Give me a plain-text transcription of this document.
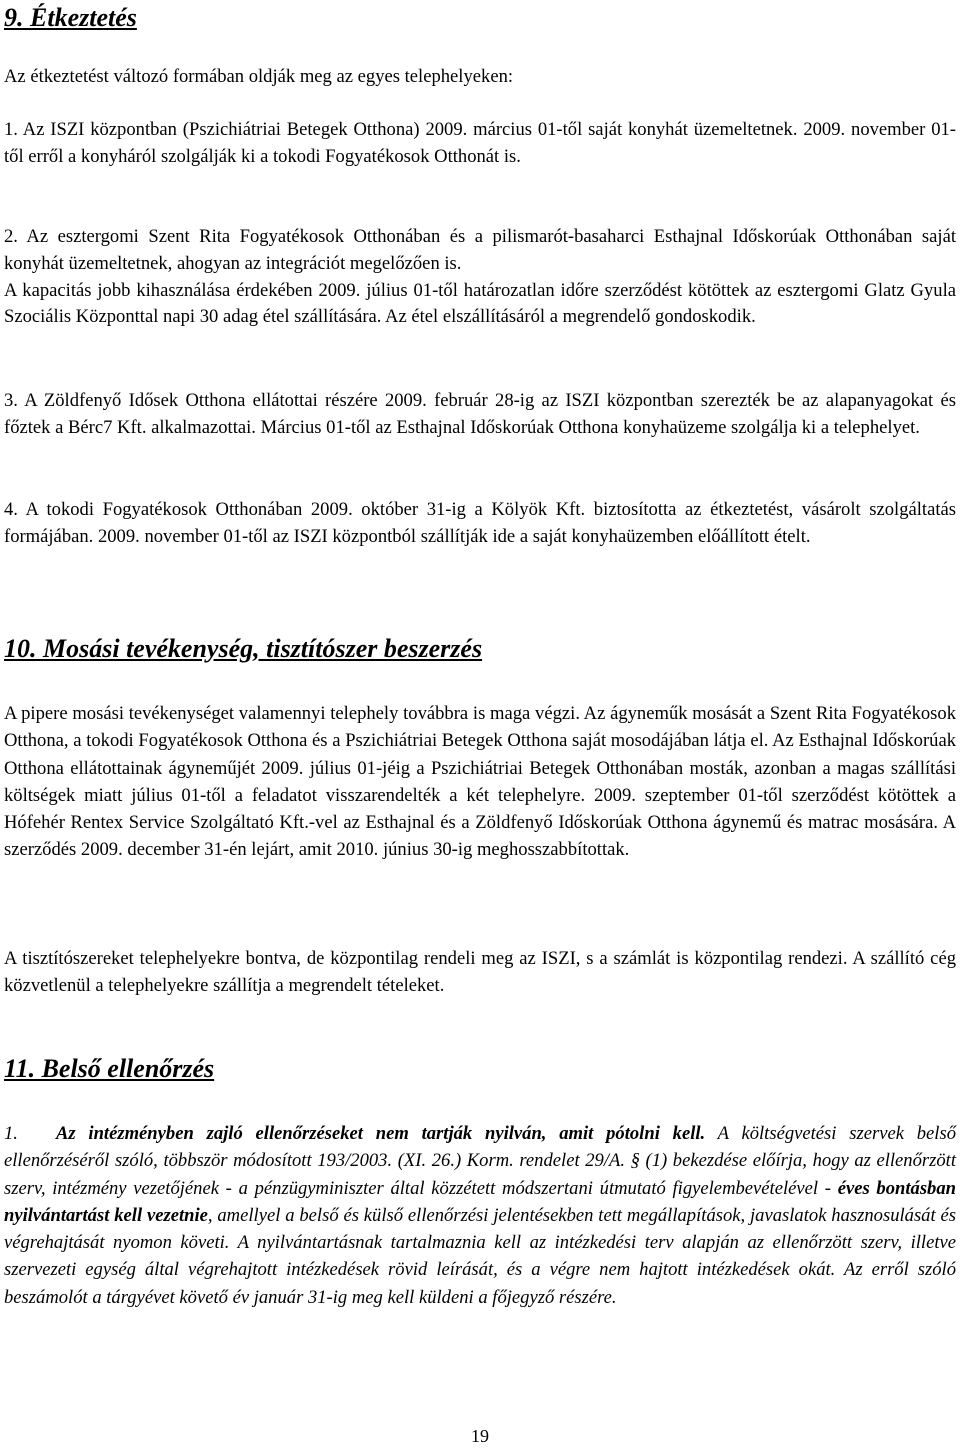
9. Étkeztetés

Az étkeztetést változó formában oldják meg az egyes telephelyeken:

1. Az ISZI központban (Pszichiátriai Betegek Otthona) 2009. március 01-től saját konyhát üzemeltetnek. 2009. november 01-től erről a konyháról szolgálják ki a tokodi Fogyatékosok Otthonát is.

2. Az esztergomi Szent Rita Fogyatékosok Otthonában és a pilismarót-basaharci Esthajnal Időskorúak Otthonában saját konyhát üzemeltetnek, ahogyan az integrációt megelőzően is.

A kapacitás jobb kihasználása érdekében 2009. július 01-től határozatlan időre szerződést kötöttek az esztergomi Glatz Gyula Szociális Központtal napi 30 adag étel szállítására. Az étel elszállításáról a megrendelő gondoskodik.

3. A Zöldfenyő Idősek Otthona ellátottai részére 2009. február 28-ig az ISZI központban szerezték be az alapanyagokat és főztek a Bérc7 Kft. alkalmazottai. Március 01-től az Esthajnal Időskorúak Otthona konyhaüzeme szolgálja ki a telephelyet.

4. A tokodi Fogyatékosok Otthonában 2009. október 31-ig a Kölyök Kft. biztosította az étkeztetést, vásárolt szolgáltatás formájában. 2009. november 01-től az ISZI központból szállítják ide a saját konyhaüzemben előállított ételt.

10. Mosási tevékenység, tisztítószer beszerzés

A pipere mosási tevékenységet valamennyi telephely továbbra is maga végzi. Az ágyneműk mosását a Szent Rita Fogyatékosok Otthona, a tokodi Fogyatékosok Otthona és a Pszichiátriai Betegek Otthona saját mosodájában látja el. Az Esthajnal Időskorúak Otthona ellátottainak ágyneműjét 2009. július 01-jéig a Pszichiátriai Betegek Otthonában mosták, azonban a magas szállítási költségek miatt július 01-től a feladatot visszarendelték a két telephelyre. 2009. szeptember 01-től szerződést kötöttek a Hófehér Rentex Service Szolgáltató Kft.-vel az Esthajnal és a Zöldfenyő Időskorúak Otthona ágynemű és matrac mosására. A szerződés 2009. december 31-én lejárt, amit 2010. június 30-ig meghosszabbítottak.

A tisztítószereket telephelyekre bontva, de központilag rendeli meg az ISZI, s a számlát is központilag rendezi. A szállító cég közvetlenül a telephelyekre szállítja a megrendelt tételeket.

11. Belső ellenőrzés

1. Az intézményben zajló ellenőrzéseket nem tartják nyilván, amit pótolni kell. A költségvetési szervek belső ellenőrzéséről szóló, többször módosított 193/2003. (XI. 26.) Korm. rendelet 29/A. § (1) bekezdése előírja, hogy az ellenőrzött szerv, intézmény vezetőjének - a pénzügyminiszter által közzétett módszertani útmutató figyelembevételével - éves bontásban nyilvántartást kell vezetnie, amellyel a belső és külső ellenőrzési jelentésekben tett megállapítások, javaslatok hasznosulását és végrehajtását nyomon követi. A nyilvántartásnak tartalmaznia kell az intézkedési terv alapján az ellenőrzött szerv, illetve szervezeti egység által végrehajtott intézkedések rövid leírását, és a végre nem hajtott intézkedések okát. Az erről szóló beszámolót a tárgyévet követő év január 31-ig meg kell küldeni a főjegyző részére.

19
